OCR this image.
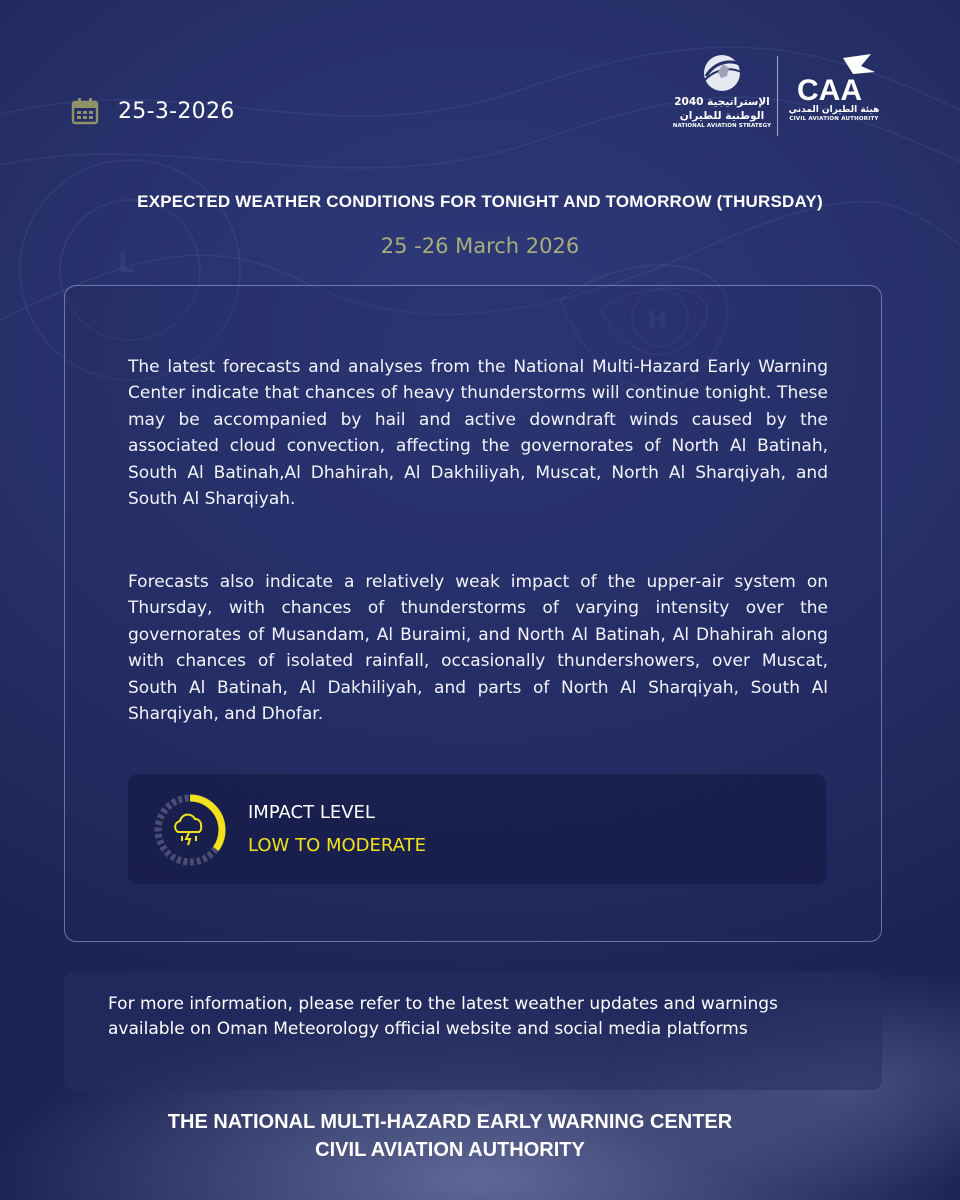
L
H
25-3-2026	الإستراتيجية 2040
الوطنية للطيران
NATIONAL AVIATION STRATEGY
CAA
هيئة الطيران المدني
CIVIL AVIATION AUTHORITY
EXPECTED WEATHER CONDITIONS FOR TONIGHT AND TOMORROW (THURSDAY)
25 -26 March 2026

The latest forecasts and analyses from the National Multi-Hazard Early Warning Center indicate that chances of heavy thunderstorms will continue tonight. These may be accompanied by hail and active downdraft winds caused by the associated cloud convection, affecting the governorates of North Al Batinah, South Al Batinah,Al Dhahirah, Al Dakhiliyah, Muscat, North Al Sharqiyah, and South Al Sharqiyah.

Forecasts also indicate a relatively weak impact of the upper-air system on Thursday, with chances of thunderstorms of varying intensity over the governorates of Musandam, Al Buraimi, and North Al Batinah, Al Dhahirah along with chances of isolated rainfall, occasionally thundershowers, over Muscat, South Al Batinah, Al Dakhiliyah, and parts of North Al Sharqiyah, South Al Sharqiyah, and Dhofar.

IMPACT LEVEL
LOW TO MODERATE

For more information, please refer to the latest weather updates and warnings available on Oman Meteorology official website and social media platforms

THE NATIONAL MULTI-HAZARD EARLY WARNING CENTER
CIVIL AVIATION AUTHORITY
